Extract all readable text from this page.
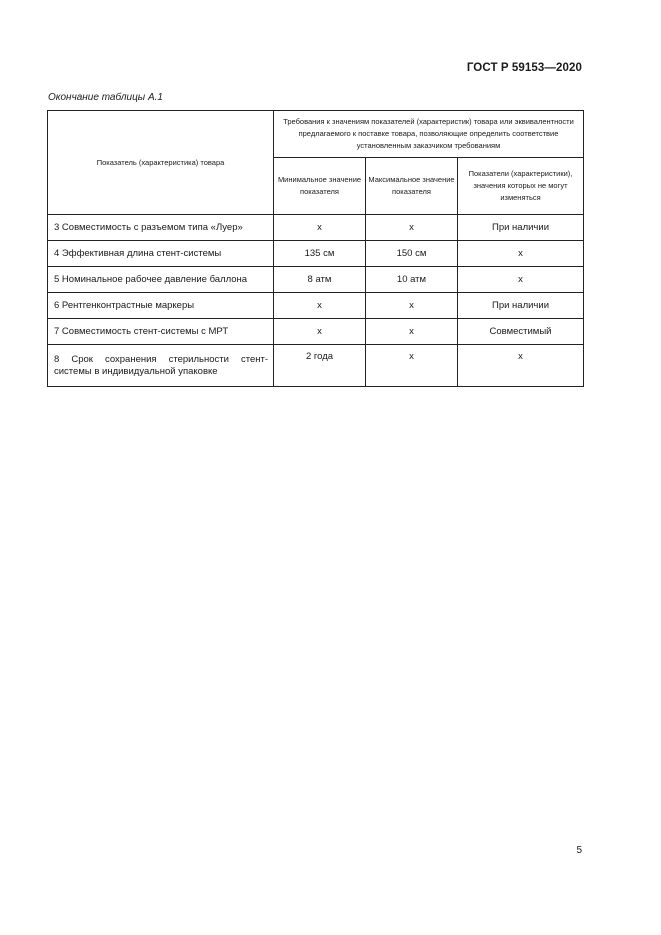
ГОСТ Р 59153—2020
Окончание таблицы А.1
Показатель (характеристика) товара	Требования к значениям показателей (характеристик) товара или эквивалентности предлагаемого к поставке товара, позволяющие определить соответствие установленным заказчиком требованиям		
	Минимальное значение показателя	Максимальное значение показателя	Показатели (характеристики), значения которых не могут изменяться
3 Совместимость с разъемом типа «Луер»	x	x	При наличии
4 Эффективная длина стент-системы	135 см	150 см	x
5 Номинальное рабочее давление баллона	8 атм	10 атм	x
6 Рентгенконтрастные маркеры	x	x	При наличии
7 Совместимость стент-системы с МРТ	x	x	Совместимый
8 Срок сохранения стерильности стент-системы в индивидуальной упаковке	2 года	x	x
5
